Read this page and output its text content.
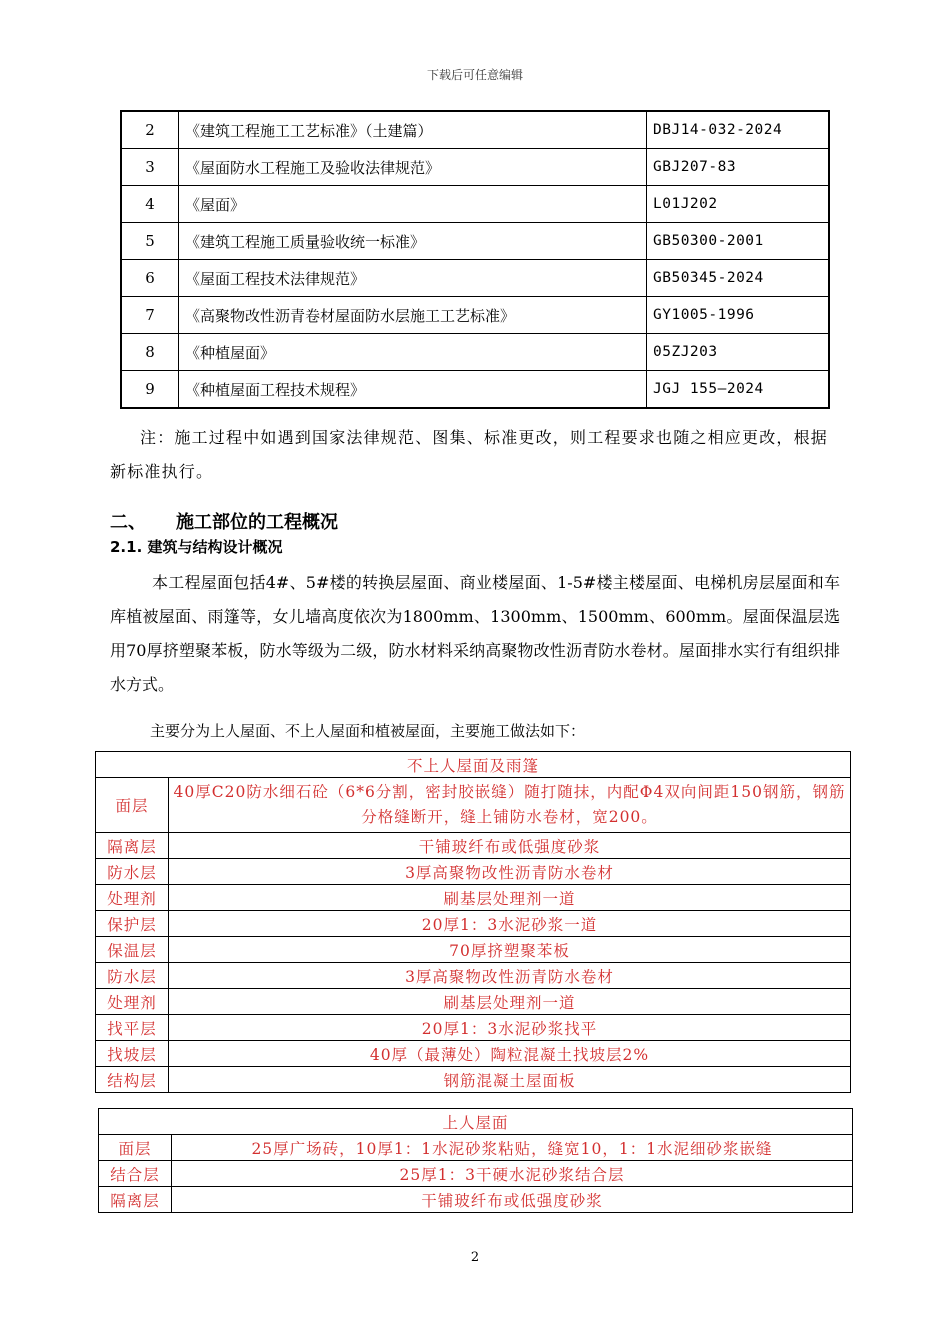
下载后可任意编辑
2	《建筑工程施工工艺标准》（土建篇）	DBJ14-032-2024
3	《屋面防水工程施工及验收法律规范》	GBJ207-83
4	《屋面》	L01J202
5	《建筑工程施工质量验收统一标准》	GB50300-2001
6	《屋面工程技术法律规范》	GB50345-2024
7	《高聚物改性沥青卷材屋面防水层施工工艺标准》	GY1005-1996
8	《种植屋面》	05ZJ203
9	《种植屋面工程技术规程》	JGJ 155—2024
注：施工过程中如遇到国家法律规范、图集、标准更改，则工程要求也随之相应更改，根据新标准执行。
二、 施工部位的工程概况
2.1. 建筑与结构设计概况
本工程屋面包括4#、5#楼的转换层屋面、商业楼屋面、1-5#楼主楼屋面、电梯机房层屋面和车库植被屋面、雨篷等，女儿墙高度依次为1800mm、1300mm、1500mm、600mm。屋面保温层选用70厚挤塑聚苯板，防水等级为二级，防水材料采纳高聚物改性沥青防水卷材。屋面排水实行有组织排水方式。
主要分为上人屋面、不上人屋面和植被屋面，主要施工做法如下：
不上人屋面及雨篷	
面层	40厚C20防水细石砼（6*6分割，密封胶嵌缝）随打随抹，内配Φ4双向间距150钢筋，钢筋分格缝断开，缝上铺防水卷材，宽200。
隔离层	干铺玻纤布或低强度砂浆
防水层	3厚高聚物改性沥青防水卷材
处理剂	刷基层处理剂一道
保护层	20厚1：3水泥砂浆一道
保温层	70厚挤塑聚苯板
防水层	3厚高聚物改性沥青防水卷材
处理剂	刷基层处理剂一道
找平层	20厚1：3水泥砂浆找平
找坡层	40厚（最薄处）陶粒混凝土找坡层2%
结构层	钢筋混凝土屋面板
上人屋面	
面层	25厚广场砖，10厚1：1水泥砂浆粘贴，缝宽10，1：1水泥细砂浆嵌缝
结合层	25厚1：3干硬水泥砂浆结合层
隔离层	干铺玻纤布或低强度砂浆
2
